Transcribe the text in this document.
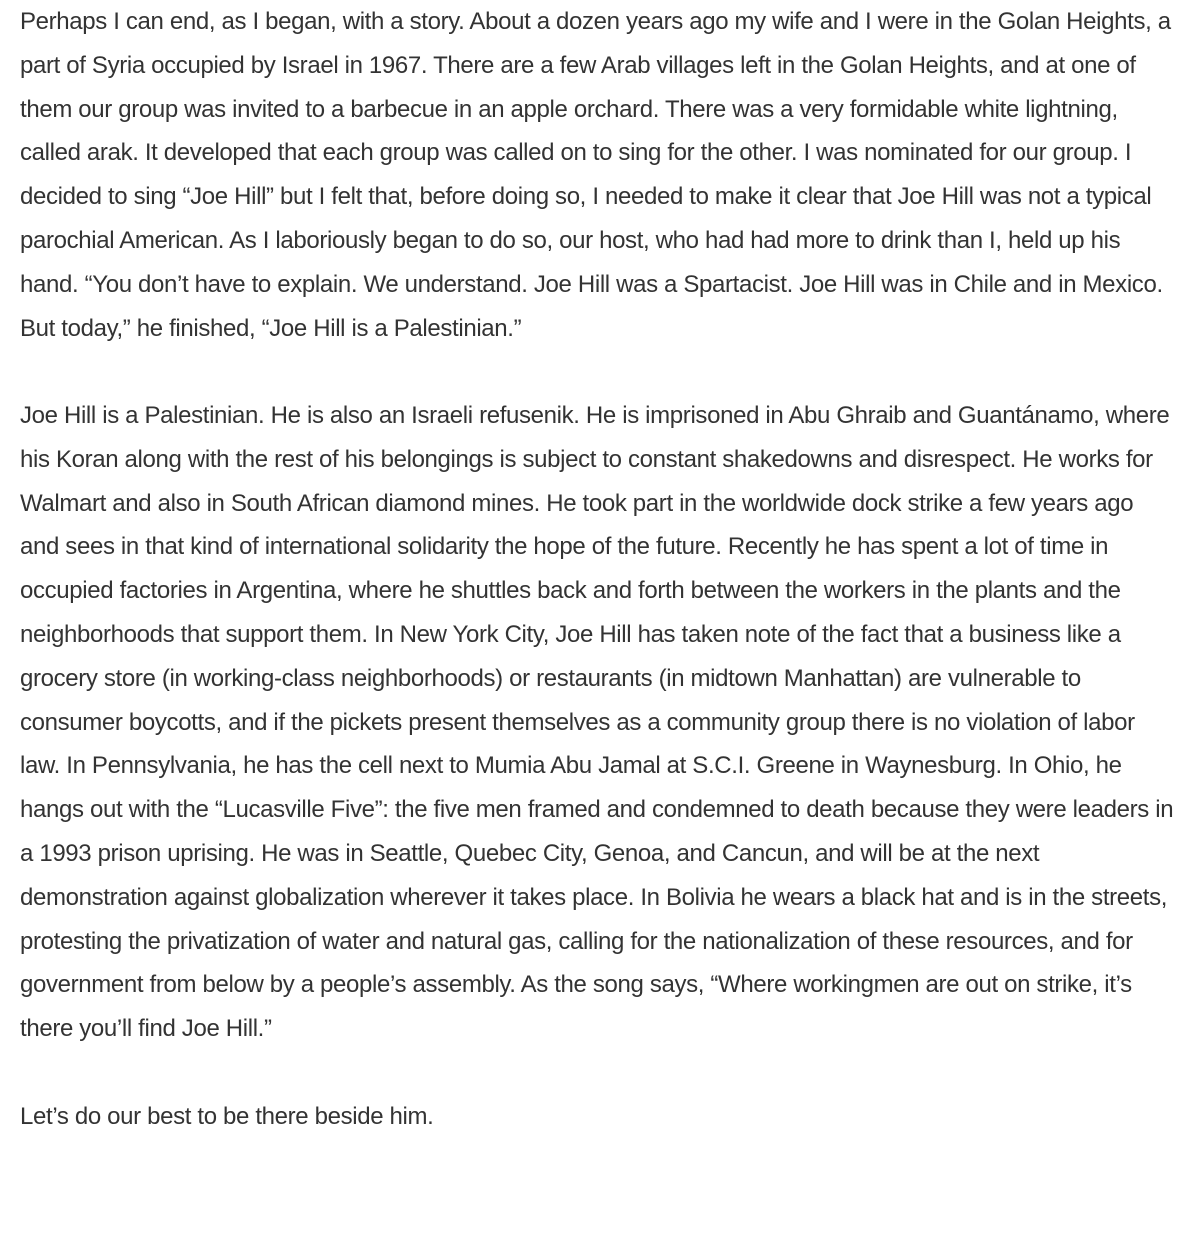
Perhaps I can end, as I began, with a story. About a dozen years ago my wife and I were in the Golan Heights, a part of Syria occupied by Israel in 1967. There are a few Arab villages left in the Golan Heights, and at one of them our group was invited to a barbecue in an apple orchard. There was a very formidable white lightning, called arak. It developed that each group was called on to sing for the other. I was nominated for our group. I decided to sing “Joe Hill” but I felt that, before doing so, I needed to make it clear that Joe Hill was not a typical parochial American. As I laboriously began to do so, our host, who had had more to drink than I, held up his hand. “You don’t have to explain. We understand. Joe Hill was a Spartacist. Joe Hill was in Chile and in Mexico. But today,” he finished, “Joe Hill is a Palestinian.”

Joe Hill is a Palestinian. He is also an Israeli refusenik. He is imprisoned in Abu Ghraib and Guantánamo, where his Koran along with the rest of his belongings is subject to constant shakedowns and disrespect. He works for Walmart and also in South African diamond mines. He took part in the worldwide dock strike a few years ago and sees in that kind of international solidarity the hope of the future. Recently he has spent a lot of time in occupied factories in Argentina, where he shuttles back and forth between the workers in the plants and the neighborhoods that support them. In New York City, Joe Hill has taken note of the fact that a business like a grocery store (in working-class neighborhoods) or restaurants (in midtown Manhattan) are vulnerable to consumer boycotts, and if the pickets present themselves as a community group there is no violation of labor law. In Pennsylvania, he has the cell next to Mumia Abu Jamal at S.C.I. Greene in Waynesburg. In Ohio, he hangs out with the “Lucasville Five”: the five men framed and condemned to death because they were leaders in a 1993 prison uprising. He was in Seattle, Quebec City, Genoa, and Cancun, and will be at the next demonstration against globalization wherever it takes place. In Bolivia he wears a black hat and is in the streets, protesting the privatization of water and natural gas, calling for the nationalization of these resources, and for government from below by a people’s assembly. As the song says, “Where workingmen are out on strike, it’s there you’ll find Joe Hill.”

Let’s do our best to be there beside him.
